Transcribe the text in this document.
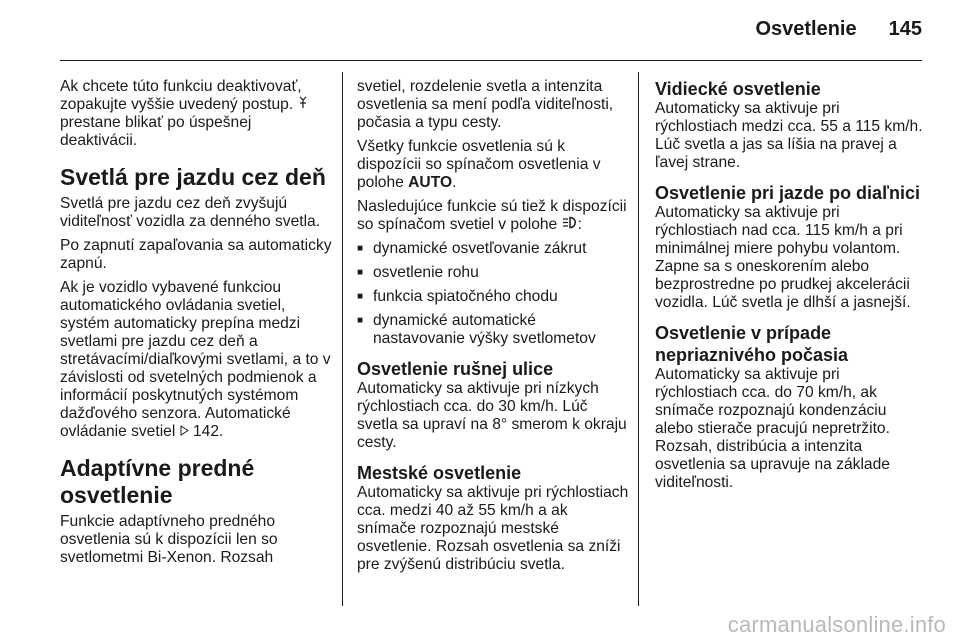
Osvetlenie 145

Ak chcete túto funkciu deaktivovať, zopakujte vyššie uvedený postup.  prestane blikať po úspešnej deaktivácii.

Svetlá pre jazdu cez deň

Svetlá pre jazdu cez deň zvyšujú viditeľnosť vozidla za denného svetla.

Po zapnutí zapaľovania sa automaticky zapnú.

Ak je vozidlo vybavené funkciou automatického ovládania svetiel, systém automaticky prepína medzi svetlami pre jazdu cez deň a stretávacími/diaľkovými svetlami, a to v závislosti od svetelných podmienok a informácií poskytnutých systémom dažďového senzora. Automatické ovládanie svetiel 142.

Adaptívne predné osvetlenie

Funkcie adaptívneho predného osvetlenia sú k dispozícii len so svetlometmi Bi-Xenon. Rozsah

svetiel, rozdelenie svetla a intenzita osvetlenia sa mení podľa viditeľnosti, počasia a typu cesty.

Všetky funkcie osvetlenia sú k dispozícii so spínačom osvetlenia v polohe AUTO.

Nasledujúce funkcie sú tiež k dispozícii so spínačom svetiel v polohe :

■ dynamické osvetľovanie zákrut
■ osvetlenie rohu
■ funkcia spiatočného chodu
■ dynamické automatické nastavovanie výšky svetlometov
Osvetlenie rušnej ulice

Automaticky sa aktivuje pri nízkych rýchlostiach cca. do 30 km/h. Lúč svetla sa upraví na 8° smerom k okraju cesty.

Mestské osvetlenie

Automaticky sa aktivuje pri rýchlostiach cca. medzi 40 až 55 km/h a ak snímače rozpoznajú mestské osvetlenie. Rozsah osvetlenia sa zníži pre zvýšenú distribúciu svetla.

Vidiecké osvetlenie

Automaticky sa aktivuje pri rýchlostiach medzi cca. 55 a 115 km/h. Lúč svetla a jas sa líšia na pravej a ľavej strane.

Osvetlenie pri jazde po diaľnici

Automaticky sa aktivuje pri rýchlostiach nad cca. 115 km/h a pri minimálnej miere pohybu volantom. Zapne sa s oneskorením alebo bezprostredne po prudkej akcelerácii vozidla. Lúč svetla je dlhší a jasnejší.

Osvetlenie v prípade nepriaznivého počasia

Automaticky sa aktivuje pri rýchlostiach cca. do 70 km/h, ak snímače rozpoznajú kondenzáciu alebo stierače pracujú nepretržito. Rozsah, distribúcia a intenzita osvetlenia sa upravuje na základe viditeľnosti.

carmanualsonline.info
